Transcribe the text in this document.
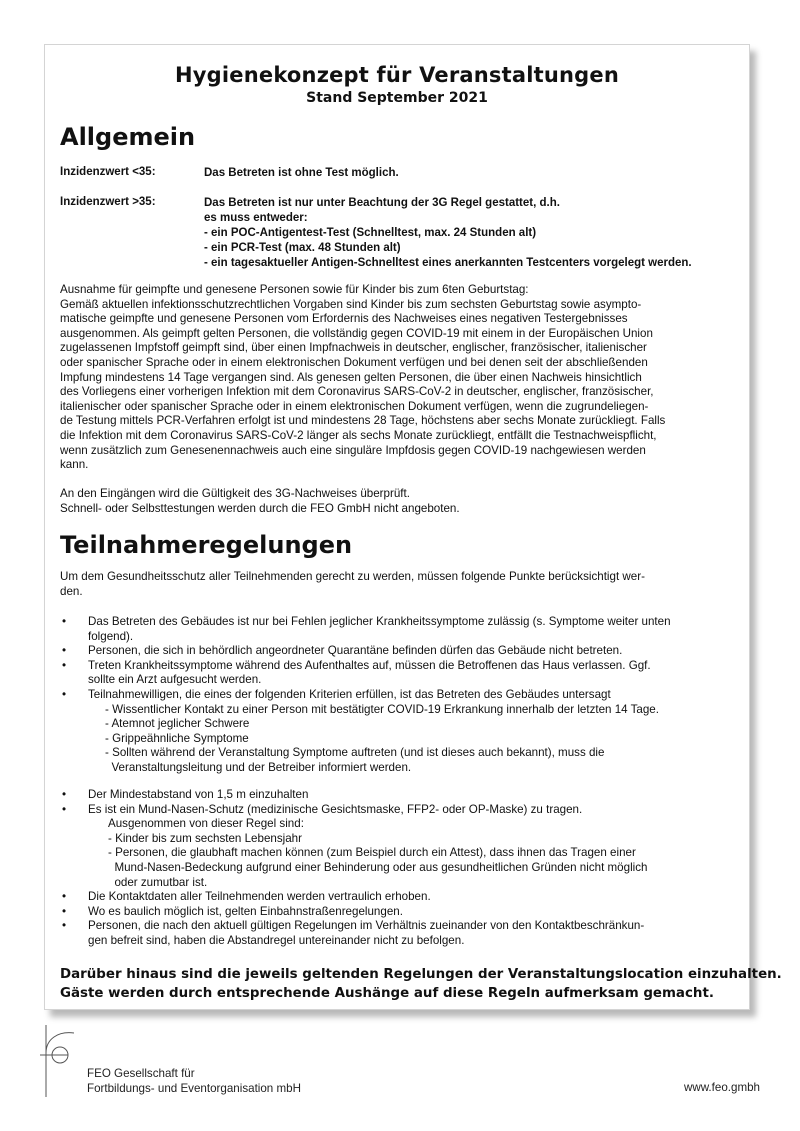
Hygienekonzept für Veranstaltungen
Stand September 2021
Allgemein
Inzidenzwert <35:	Das Betreten ist ohne Test möglich.
Inzidenzwert >35:	Das Betreten ist nur unter Beachtung der 3G Regel gestattet, d.h.
es muss entweder:
- ein POC-Antigentest-Test (Schnelltest, max. 24 Stunden alt)
- ein PCR-Test (max. 48 Stunden alt)
- ein tagesaktueller Antigen-Schnelltest eines anerkannten Testcenters vorgelegt werden.
Ausnahme für geimpfte und genesene Personen sowie für Kinder bis zum 6ten Geburtstag:
Gemäß aktuellen infektionsschutzrechtlichen Vorgaben sind Kinder bis zum sechsten Geburtstag sowie asympto-
matische geimpfte und genesene Personen vom Erfordernis des Nachweises eines negativen Testergebnisses
ausgenommen. Als geimpft gelten Personen, die vollständig gegen COVID-19 mit einem in der Europäischen Union
zugelassenen Impfstoff geimpft sind, über einen Impfnachweis in deutscher, englischer, französischer, italienischer
oder spanischer Sprache oder in einem elektronischen Dokument verfügen und bei denen seit der abschließenden
Impfung mindestens 14 Tage vergangen sind. Als genesen gelten Personen, die über einen Nachweis hinsichtlich
des Vorliegens einer vorherigen Infektion mit dem Coronavirus SARS-CoV-2 in deutscher, englischer, französischer,
italienischer oder spanischer Sprache oder in einem elektronischen Dokument verfügen, wenn die zugrundeliegen-
de Testung mittels PCR-Verfahren erfolgt ist und mindestens 28 Tage, höchstens aber sechs Monate zurückliegt. Falls
die Infektion mit dem Coronavirus SARS-CoV-2 länger als sechs Monate zurückliegt, entfällt die Testnachweispflicht,
wenn zusätzlich zum Genesenennachweis auch eine singuläre Impfdosis gegen COVID-19 nachgewiesen werden
kann.
An den Eingängen wird die Gültigkeit des 3G-Nachweises überprüft.
Schnell- oder Selbsttestungen werden durch die FEO GmbH nicht angeboten.
Teilnahmeregelungen
Um dem Gesundheitsschutz aller Teilnehmenden gerecht zu werden, müssen folgende Punkte berücksichtigt wer-
den.
• Das Betreten des Gebäudes ist nur bei Fehlen jeglicher Krankheitssymptome zulässig (s. Symptome weiter unten
folgend).
• Personen, die sich in behördlich angeordneter Quarantäne befinden dürfen das Gebäude nicht betreten.
• Treten Krankheitssymptome während des Aufenthaltes auf, müssen die Betroffenen das Haus verlassen. Ggf.
sollte ein Arzt aufgesucht werden.
• Teilnahmewilligen, die eines der folgenden Kriterien erfüllen, ist das Betreten des Gebäudes untersagt
- Wissentlicher Kontakt zu einer Person mit bestätigter COVID-19 Erkrankung innerhalb der letzten 14 Tage.
- Atemnot jeglicher Schwere
- Grippeähnliche Symptome
- Sollten während der Veranstaltung Symptome auftreten (und ist dieses auch bekannt), muss die
Veranstaltungsleitung und der Betreiber informiert werden.
• Der Mindestabstand von 1,5 m einzuhalten
• Es ist ein Mund-Nasen-Schutz (medizinische Gesichtsmaske, FFP2- oder OP-Maske) zu tragen.
Ausgenommen von dieser Regel sind:
- Kinder bis zum sechsten Lebensjahr
- Personen, die glaubhaft machen können (zum Beispiel durch ein Attest), dass ihnen das Tragen einer
Mund-Nasen-Bedeckung aufgrund einer Behinderung oder aus gesundheitlichen Gründen nicht möglich
oder zumutbar ist.
• Die Kontaktdaten aller Teilnehmenden werden vertraulich erhoben.
• Wo es baulich möglich ist, gelten Einbahnstraßenregelungen.
• Personen, die nach den aktuell gültigen Regelungen im Verhältnis zueinander von den Kontaktbeschränkun-
gen befreit sind, haben die Abstandregel untereinander nicht zu befolgen.
Darüber hinaus sind die jeweils geltenden Regelungen der Veranstaltungslocation einzuhalten.
Gäste werden durch entsprechende Aushänge auf diese Regeln aufmerksam gemacht.
FEO Gesellschaft für
Fortbildungs- und Eventorganisation mbH	www.feo.gmbh
